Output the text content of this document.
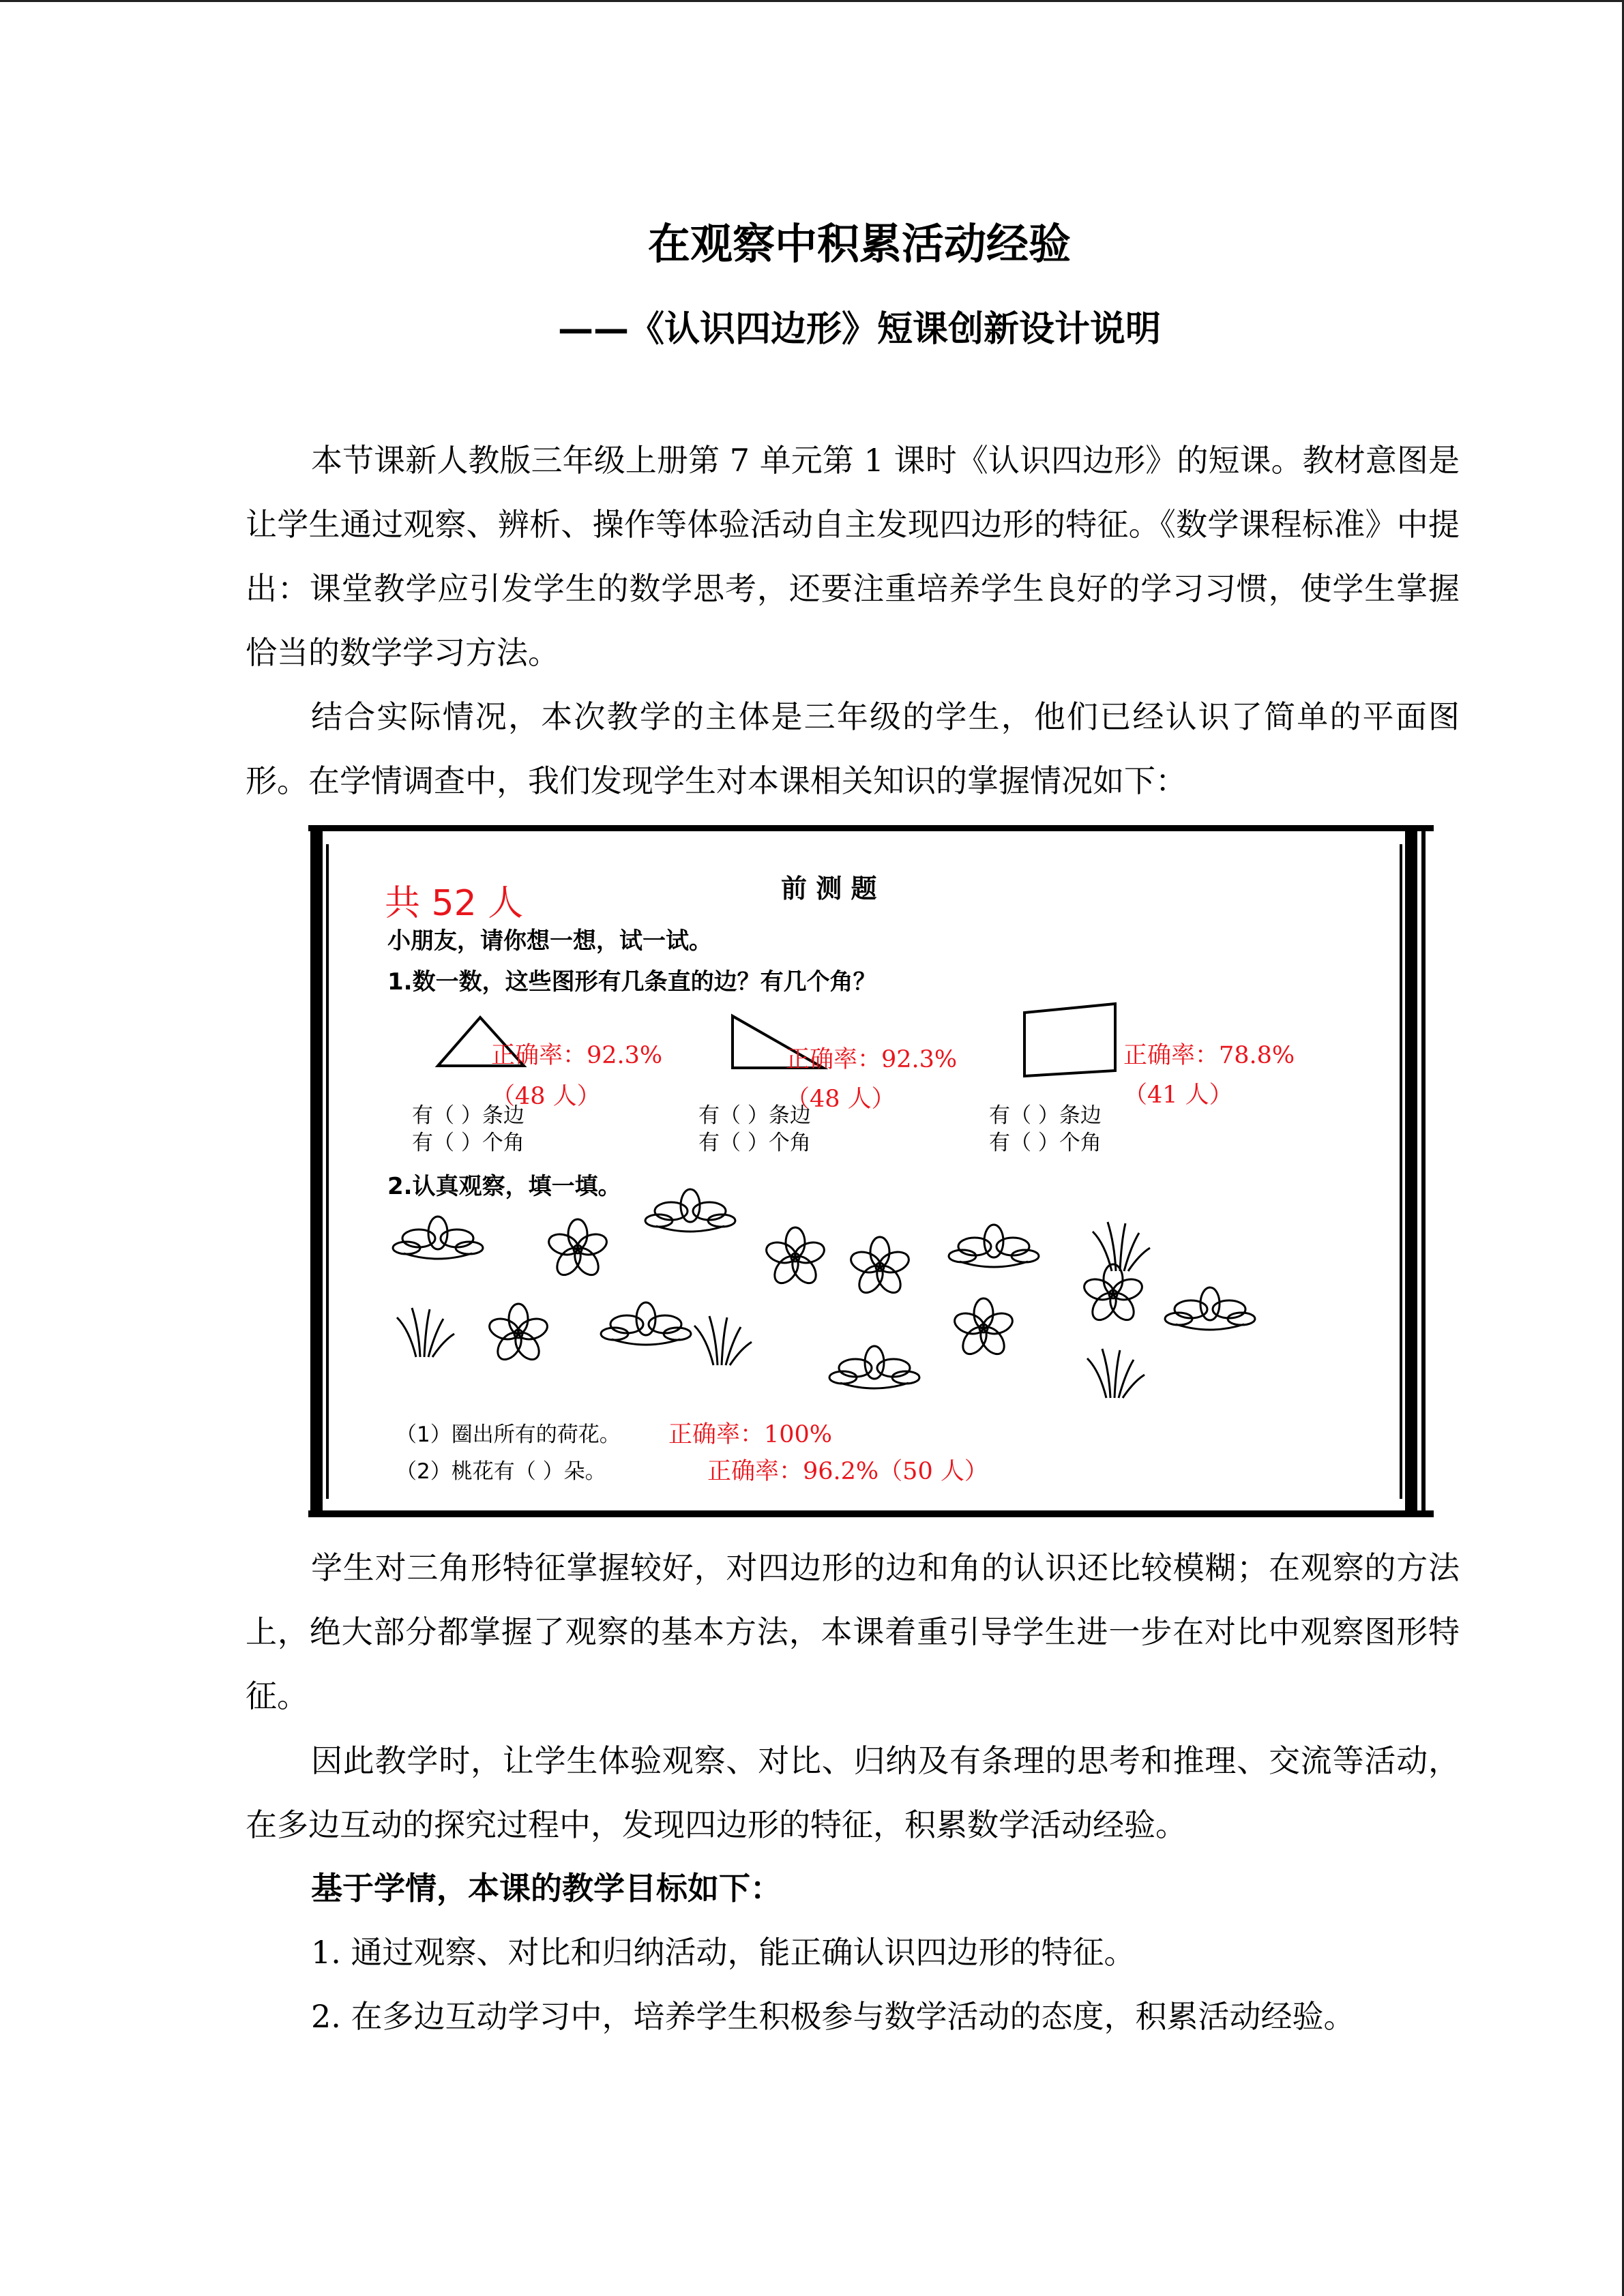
在观察中积累活动经验
——《认识四边形》短课创新设计说明

本节课新人教版三年级上册第 7 单元第 1 课时《认识四边形》的短课。教材意图是让学生通过观察、辨析、操作等体验活动自主发现四边形的特征。《数学课程标准》中提出：课堂教学应引发学生的数学思考，还要注重培养学生良好的学习习惯，使学生掌握恰当的数学学习方法。

结合实际情况，本次教学的主体是三年级的学生，他们已经认识了简单的平面图形。在学情调查中，我们发现学生对本课相关知识的掌握情况如下：

前 测 题
共 52 人
小朋友，请你想一想，试一试。
1.数一数，这些图形有几条直的边？有几个角？
正确率：92.3%
（48 人）
正确率：92.3%
（48 人）
正确率：78.8%
（41 人）
有（ ）条边
有（ ）个角
有（ ）条边
有（ ）个角
有（ ）条边
有（ ）个角
2.认真观察，填一填。
（1）圈出所有的荷花。 正确率：100%
（2）桃花有（ ）朵。	正确率：96.2%（50 人）

学生对三角形特征掌握较好，对四边形的边和角的认识还比较模糊；在观察的方法上，绝大部分都掌握了观察的基本方法，本课着重引导学生进一步在对比中观察图形特征。

因此教学时，让学生体验观察、对比、归纳及有条理的思考和推理、交流等活动，在多边互动的探究过程中，发现四边形的特征，积累数学活动经验。

基于学情，本课的教学目标如下：

1. 通过观察、对比和归纳活动，能正确认识四边形的特征。

2. 在多边互动学习中，培养学生积极参与数学活动的态度，积累活动经验。
